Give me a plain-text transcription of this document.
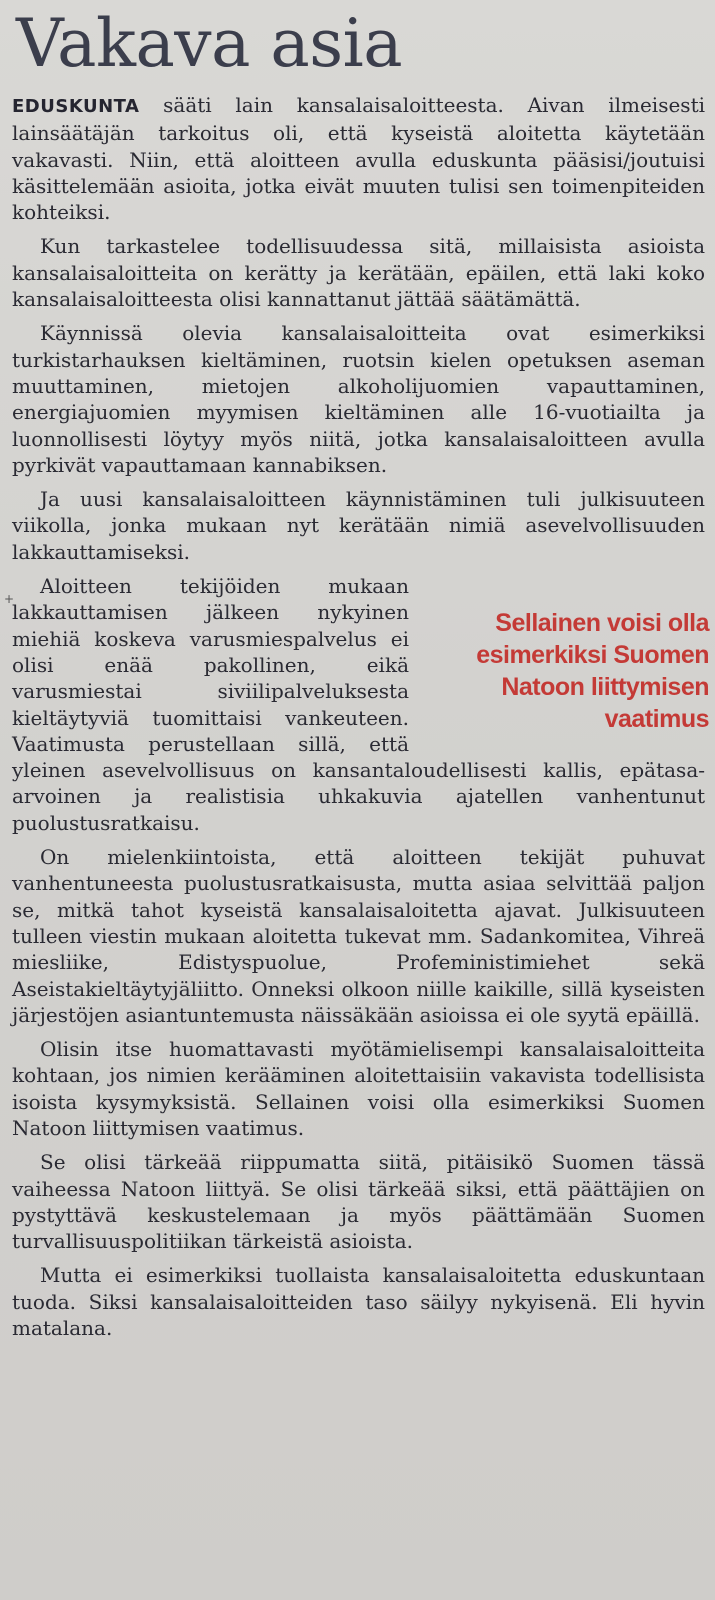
+
Vakava asia

EDUSKUNTA sääti lain kansalaisaloitteesta. Aivan ilmeisesti lainsäätäjän tarkoitus oli, että kyseistä aloitetta käytetään vakavasti. Niin, että aloitteen avulla eduskunta pääsisi/joutuisi käsittelemään asioita, jotka eivät muuten tulisi sen toimenpiteiden kohteiksi.

Kun tarkastelee todellisuudessa sitä, millaisista asioista kansalaisaloitteita on kerätty ja kerätään, epäilen, että laki koko kansalaisaloitteesta olisi kannattanut jättää säätämättä.

Käynnissä olevia kansalaisaloitteita ovat esimerkiksi turkistarhauksen kieltäminen, ruotsin kielen opetuksen aseman muuttaminen, mietojen alkoholijuomien vapauttaminen, energiajuomien myymisen kieltäminen alle 16-vuotiailta ja luonnollisesti löytyy myös niitä, jotka kansalaisaloitteen avulla pyrkivät vapauttamaan kannabiksen.

Ja uusi kansalaisaloitteen käynnistäminen tuli julkisuuteen viikolla, jonka mukaan nyt kerätään nimiä asevelvollisuuden lakkauttamiseksi.

Sellainen voisi olla esimerkiksi Suomen Natoon liittymisen vaatimus

Aloitteen tekijöiden mukaan lakkauttamisen jälkeen nykyinen miehiä koskeva varusmiespalvelus ei olisi enää pakollinen, eikä varusmiestai siviilipalveluksesta kieltäytyviä tuomittaisi vankeuteen. Vaatimusta perustellaan sillä, että yleinen asevelvollisuus on kansantaloudellisesti kallis, epätasa-arvoinen ja realistisia uhkakuvia ajatellen vanhentunut puolustusratkaisu.

On mielenkiintoista, että aloitteen tekijät puhuvat vanhentuneesta puolustusratkaisusta, mutta asiaa selvittää paljon se, mitkä tahot kyseistä kansalaisaloitetta ajavat. Julkisuuteen tulleen viestin mukaan aloitetta tukevat mm. Sadankomitea, Vihreä miesliike, Edistyspuolue, Profeministimiehet sekä Aseistakieltäytyjäliitto. Onneksi olkoon niille kaikille, sillä kyseisten järjestöjen asiantuntemusta näissäkään asioissa ei ole syytä epäillä.

Olisin itse huomattavasti myötämielisempi kansalaisaloitteita kohtaan, jos nimien kerääminen aloitettaisiin vakavista todellisista isoista kysymyksistä. Sellainen voisi olla esimerkiksi Suomen Natoon liittymisen vaatimus.

Se olisi tärkeää riippumatta siitä, pitäisikö Suomen tässä vaiheessa Natoon liittyä. Se olisi tärkeää siksi, että päättäjien on pystyttävä keskustelemaan ja myös päättämään Suomen turvallisuuspolitiikan tärkeistä asioista.

Mutta ei esimerkiksi tuollaista kansalaisaloitetta eduskuntaan tuoda. Siksi kansalaisaloitteiden taso säilyy nykyisenä. Eli hyvin matalana.
